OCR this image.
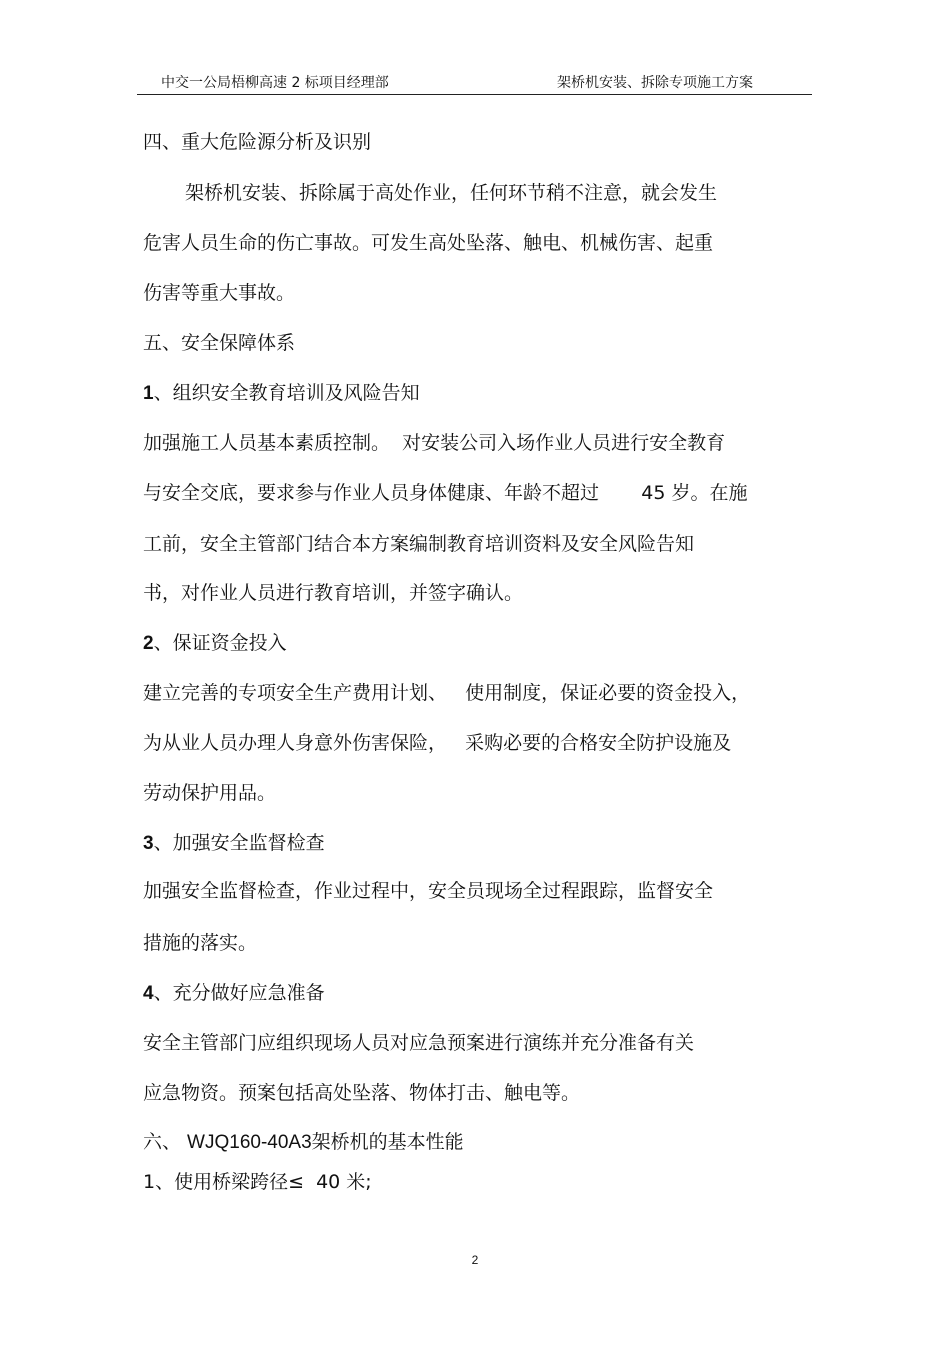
中交一公局梧柳高速 2 标项目经理部	架桥机安装、拆除专项施工方案
四、重大危险源分析及识别
架桥机安装、拆除属于高处作业，任何环节稍不注意，就会发生
危害人员生命的伤亡事故。可发生高处坠落、触电、机械伤害、起重
伤害等重大事故。
五、安全保障体系
1、组织安全教育培训及风险告知
加强施工人员基本素质控制。  对安装公司入场作业人员进行安全教育
与安全交底，要求参与作业人员身体健康、年龄不超过       45 岁。在施
工前，安全主管部门结合本方案编制教育培训资料及安全风险告知
书，对作业人员进行教育培训，并签字确认。
2、保证资金投入
建立完善的专项安全生产费用计划、   使用制度，保证必要的资金投入，
为从业人员办理人身意外伤害保险，   采购必要的合格安全防护设施及
劳动保护用品。
3、加强安全监督检查
加强安全监督检查，作业过程中，安全员现场全过程跟踪，监督安全
措施的落实。
4、充分做好应急准备
安全主管部门应组织现场人员对应急预案进行演练并充分准备有关
应急物资。预案包括高处坠落、物体打击、触电等。
六、 WJQ160-40A3架桥机的基本性能
1、使用桥梁跨径≤  40 米;
2
